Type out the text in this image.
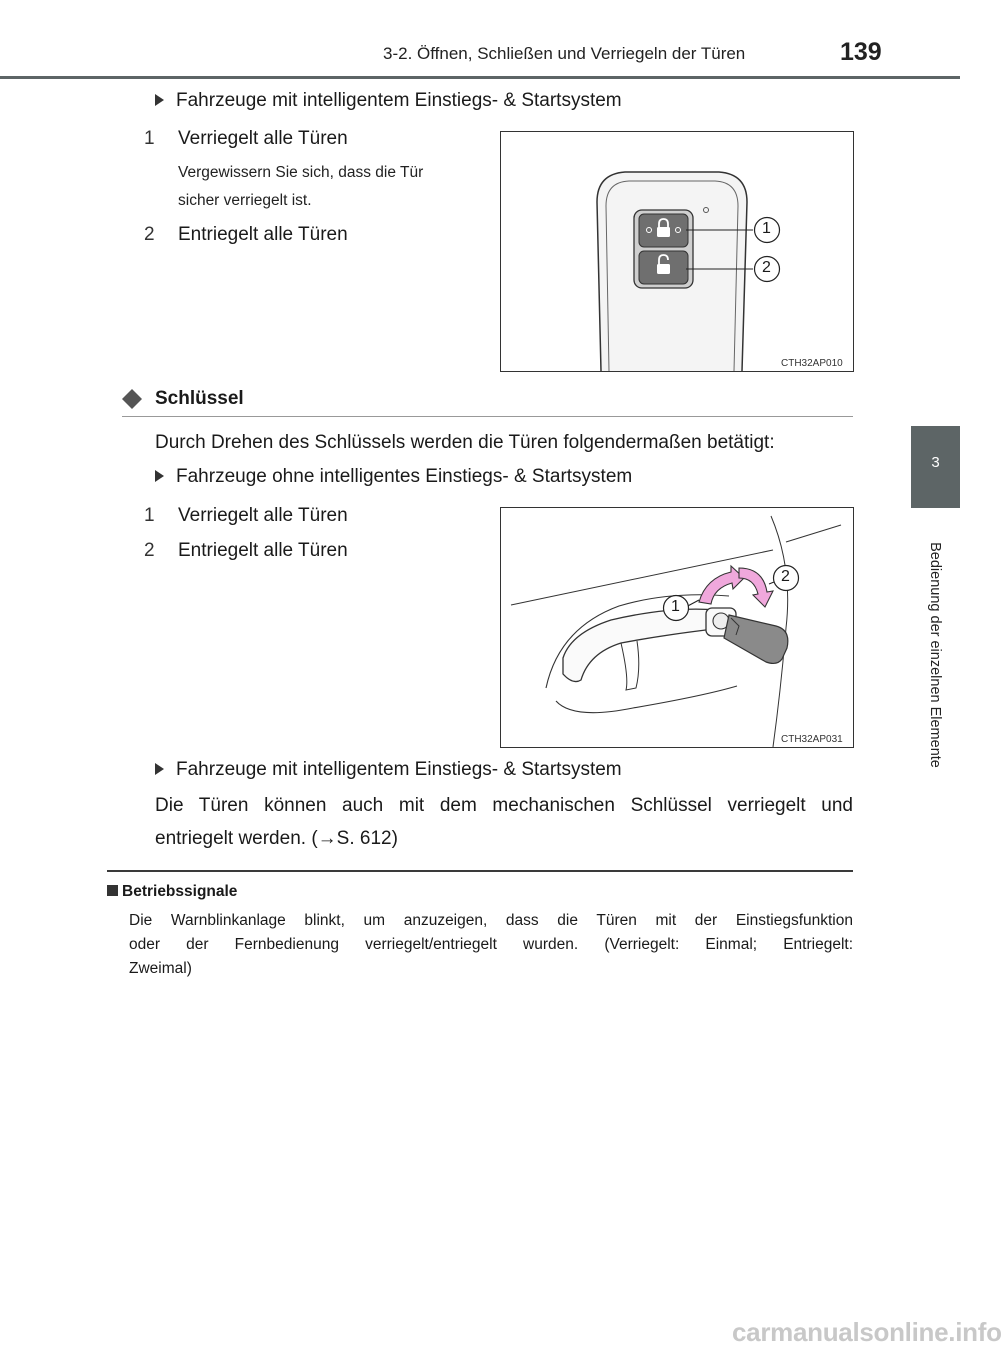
3-2. Öffnen, Schließen und Verriegeln der Türen	139
3
Bedienung der einzelnen Elemente
Fahrzeuge mit intelligentem Einstiegs- & Startsystem
1 Verriegelt alle Türen
Vergewissern Sie sich, dass die Tür
sicher verriegelt ist.
2 Entriegelt alle Türen	1
2
CTH32AP010
Schlüssel
Durch Drehen des Schlüssels werden die Türen folgendermaßen betätigt:
Fahrzeuge ohne intelligentes Einstiegs- & Startsystem
1 Verriegelt alle Türen
2 Entriegelt alle Türen
1
2
CTH32AP031
Fahrzeuge mit intelligentem Einstiegs- & Startsystem
Die Türen können auch mit dem mechanischen Schlüssel verriegelt und
entriegelt werden. (→S. 612)
Betriebssignale
Die Warnblinkanlage blinkt, um anzuzeigen, dass die Türen mit der Einstiegsfunktion
oder der Fernbedienung verriegelt/entriegelt wurden. (Verriegelt: Einmal; Entriegelt:
Zweimal)
carmanualsonline.info
